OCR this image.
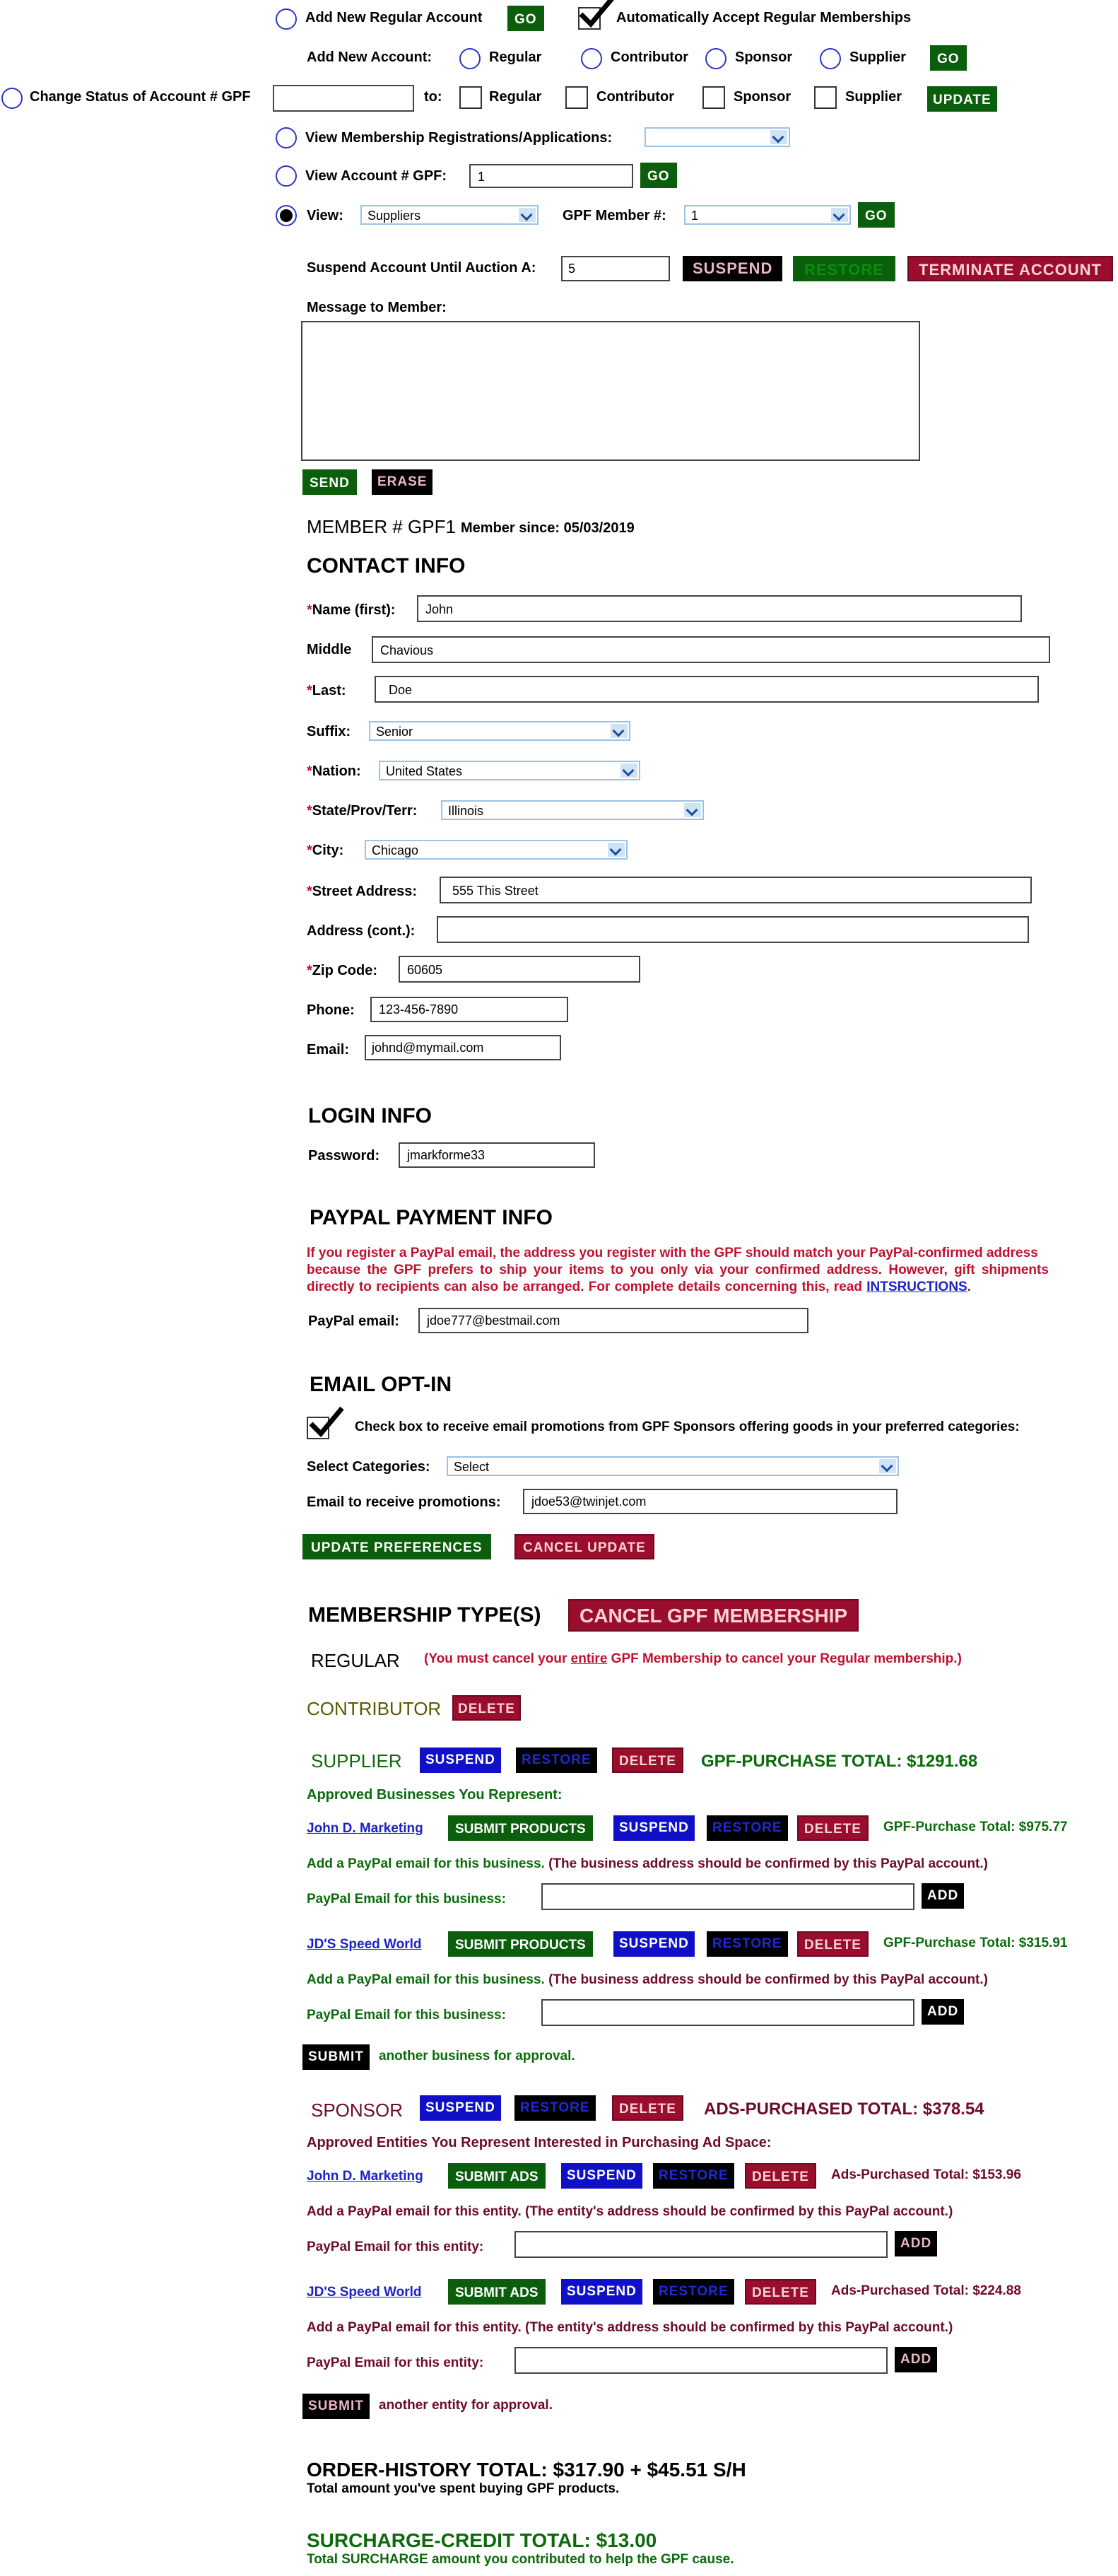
Add New Regular Account	GO	Automatically Accept Regular Memberships
Add New Account:	Regular	Contributor	Sponsor	Supplier	GO
Change Status of Account # GPF	to:	Regular	Contributor	Sponsor	Supplier	UPDATE
View Membership Registrations/Applications:
View Account # GPF:	1	GO
View:	Suppliers	GPF Member #:	1	GO
Suspend Account Until Auction A:	5	SUSPEND	RESTORE	TERMINATE ACCOUNT
Message to Member:
SEND	ERASE
MEMBER # GPF1 Member since: 05/03/2019
CONTACT INFO
*Name (first):	John
Middle	Chavious
*Last:	Doe
Suffix:	Senior
*Nation:	United States
*State/Prov/Terr:	Illinois
*City:	Chicago
*Street Address:	555 This Street
Address (cont.):
*Zip Code:	60605
Phone:	123-456-7890
Email:	johnd@mymail.com
LOGIN INFO
Password:	jmarkforme33
PAYPAL PAYMENT INFO
If you register a PayPal email, the address you register with the GPF should match your PayPal-confirmed address
because the GPF prefers to ship your items to you only via your confirmed address. However, gift shipments
directly to recipients can also be arranged. For complete details concerning this, read INTSRUCTIONS.
PayPal email:	jdoe777@bestmail.com
EMAIL OPT-IN
Check box to receive email promotions from GPF Sponsors offering goods in your preferred categories:
Select Categories:	Select
Email to receive promotions:	jdoe53@twinjet.com
UPDATE PREFERENCES	CANCEL UPDATE
MEMBERSHIP TYPE(S)	CANCEL GPF MEMBERSHIP
REGULAR (You must cancel your entire GPF Membership to cancel your Regular membership.)
CONTRIBUTOR	DELETE
SUPPLIER	SUSPEND	RESTORE	DELETE	GPF-PURCHASE TOTAL: $1291.68
Approved Businesses You Represent:
John D. Marketing	SUBMIT PRODUCTS	SUSPEND	RESTORE	DELETE	GPF-Purchase Total: $975.77
Add a PayPal email for this business. (The business address should be confirmed by this PayPal account.)
PayPal Email for this business:	ADD
JD'S Speed World	SUBMIT PRODUCTS	SUSPEND	RESTORE	DELETE	GPF-Purchase Total: $315.91
Add a PayPal email for this business. (The business address should be confirmed by this PayPal account.)
PayPal Email for this business:	ADD
SUBMIT	another business for approval.
SPONSOR	SUSPEND	RESTORE	DELETE	ADS-PURCHASED TOTAL: $378.54
Approved Entities You Represent Interested in Purchasing Ad Space:
John D. Marketing	SUBMIT ADS	SUSPEND	RESTORE	DELETE	Ads-Purchased Total: $153.96
Add a PayPal email for this entity. (The entity's address should be confirmed by this PayPal account.)
PayPal Email for this entity:	ADD
JD'S Speed World	SUBMIT ADS	SUSPEND	RESTORE	DELETE	Ads-Purchased Total: $224.88
Add a PayPal email for this entity. (The entity's address should be confirmed by this PayPal account.)
PayPal Email for this entity:	ADD
SUBMIT	another entity for approval.
ORDER-HISTORY TOTAL: $317.90 + $45.51 S/H
Total amount you've spent buying GPF products.
SURCHARGE-CREDIT TOTAL: $13.00
Total SURCHARGE amount you contributed to help the GPF cause.
